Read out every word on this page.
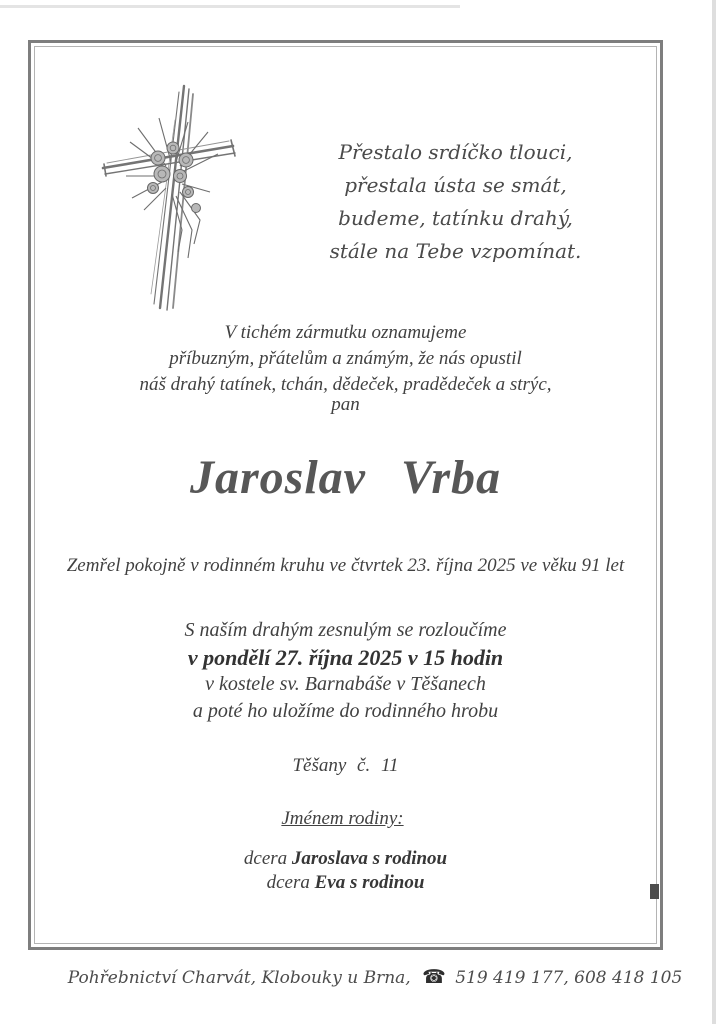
Přestalo srdíčko tlouci,
přestala ústa se smát,
budeme, tatínku drahý,
stále na Tebe vzpomínat.
V tichém zármutku oznamujeme
příbuzným, přátelům a známým, že nás opustil
náš drahý tatínek, tchán, dědeček, pradědeček a strýc,
pan
Jaroslav Vrba
Zemřel pokojně v rodinném kruhu ve čtvrtek 23. října 2025 ve věku 91 let
S naším drahým zesnulým se rozloučíme
v pondělí 27. října 2025 v 15 hodin
v kostele sv. Barnabáše v Těšanech
a poté ho uložíme do rodinného hrobu
Těšany č. 11
Jménem rodiny:
dcera Jaroslava s rodinou
dcera Eva s rodinou
Pohřebnictví Charvát, Klobouky u Brna, ☎ 519 419 177, 608 418 105
